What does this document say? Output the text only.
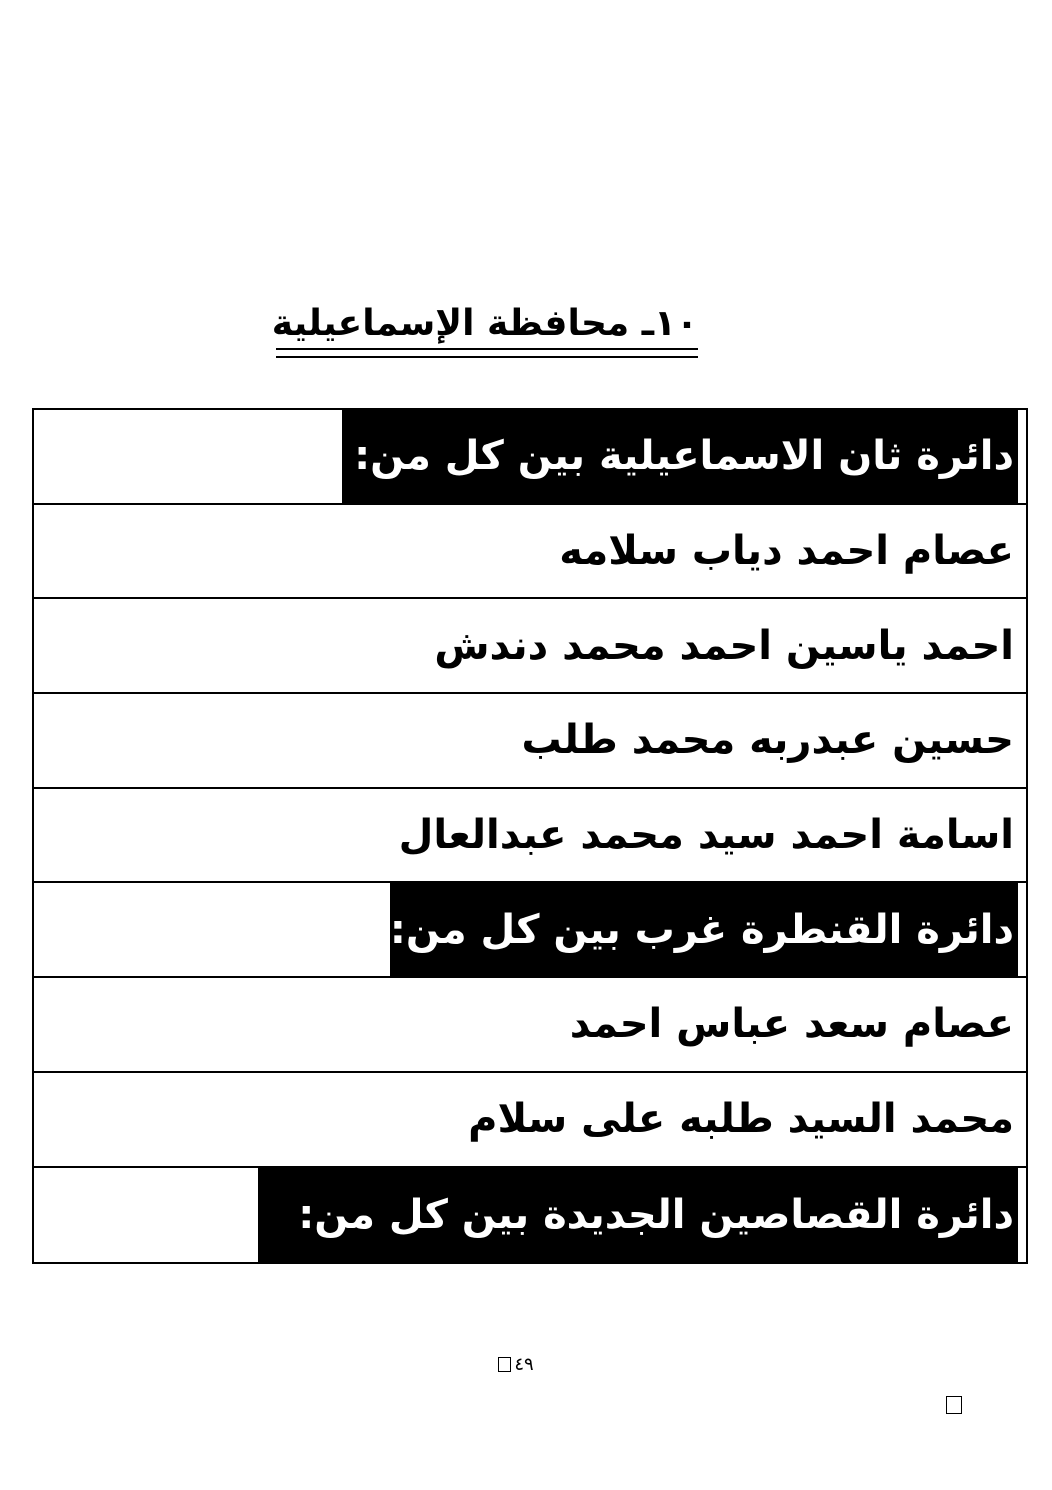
١٠ـ محافظة الإسماعيلية
دائرة ثان الاسماعيلية بين كل من:
عصام احمد دياب سلامه
احمد ياسين احمد محمد دندش
حسين عبدربه محمد طلب
اسامة احمد سيد محمد عبدالعال
دائرة القنطرة غرب بين كل من:
عصام سعد عباس احمد
محمد السيد طلبه على سلام
دائرة القصاصين الجديدة بين كل من:
٤٩
